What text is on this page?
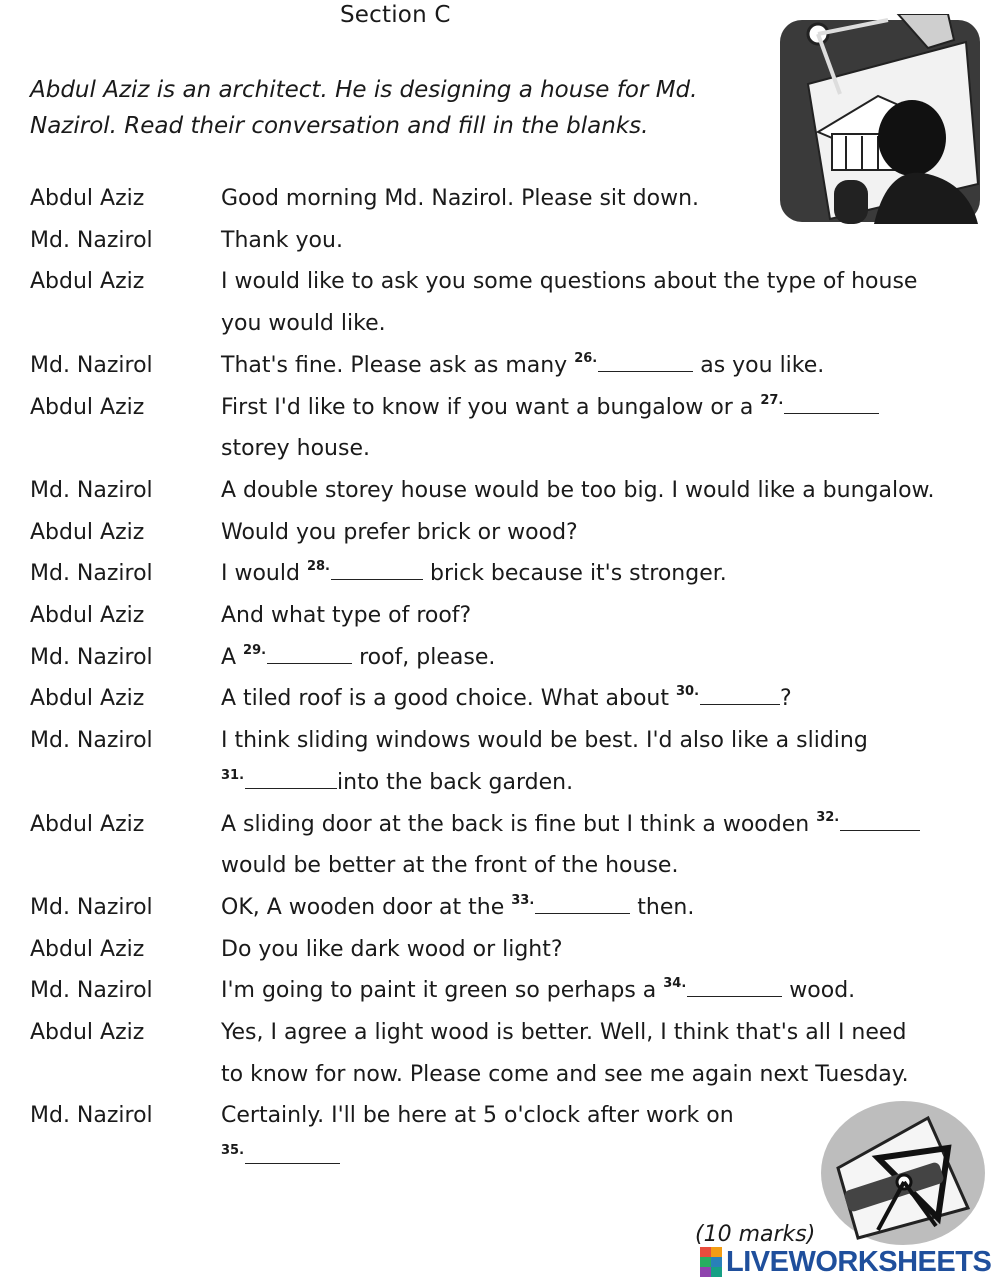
Section C
Abdul Aziz is an architect. He is designing a house for Md. Nazirol. Read their conversation and fill in the blanks.
Abdul Aziz	Good morning Md. Nazirol. Please sit down.
Md. Nazirol	Thank you.
Abdul Aziz	I would like to ask you some questions about the type of house
you would like.
Md. Nazirol	That's fine. Please ask as many $^{26.}$	as you like.
Abdul Aziz	First I'd like to know if you want a bungalow or a $^{27.}$
storey house.
Md. Nazirol	A double storey house would be too big. I would like a bungalow.
Abdul Aziz	Would you prefer brick or wood?
Md. Nazirol	I would $^{28.}$	brick because it's stronger.
Abdul Aziz	And what type of roof?
Md. Nazirol	A $^{29.}$	roof, please.
Abdul Aziz	A tiled roof is a good choice. What about $^{30.}$	?
Md. Nazirol	I think sliding windows would be best. I'd also like a sliding
$^{31.}$	into the back garden.
Abdul Aziz	A sliding door at the back is fine but I think a wooden $^{32.}$
would be better at the front of the house.
Md. Nazirol	OK, A wooden door at the $^{33.}$	then.
Abdul Aziz	Do you like dark wood or light?
Md. Nazirol	I'm going to paint it green so perhaps a $^{34.}$	wood.
Abdul Aziz	Yes, I agree a light wood is better. Well, I think that's all I need
to know for now. Please come and see me again next Tuesday.
Md. Nazirol	Certainly. I'll be here at 5 o'clock after work on
$^{35.}$
(10 marks)
LIVEWORKSHEETS
